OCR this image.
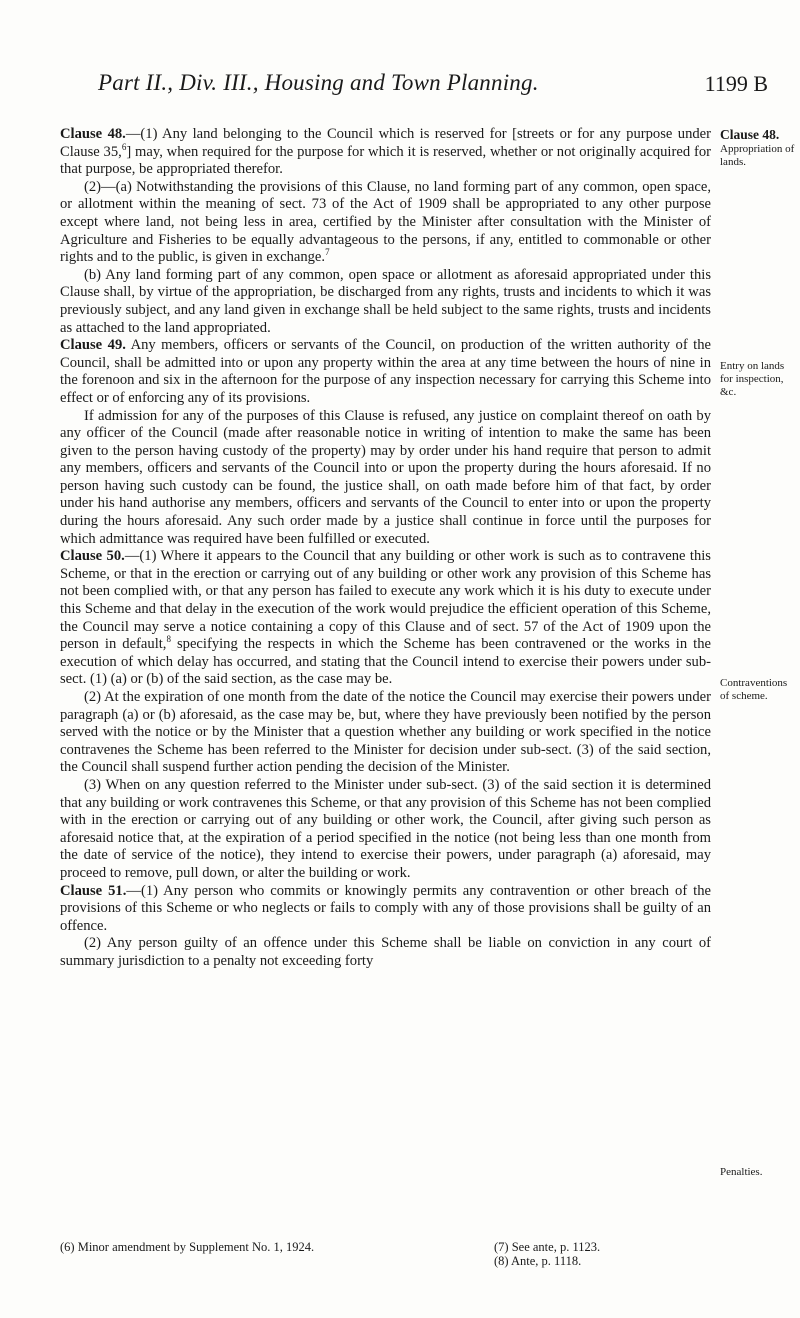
Part II., Div. III., Housing and Town Planning.	1199 B

Clause 48.—(1) Any land belonging to the Council which is reserved for [streets or for any purpose under Clause 35,$^6$] may, when required for the purpose for which it is reserved, whether or not originally acquired for that purpose, be appropriated therefor.

(2)—(a) Notwithstanding the provisions of this Clause, no land forming part of any common, open space, or allotment within the meaning of sect. 73 of the Act of 1909 shall be appropriated to any other purpose except where land, not being less in area, certified by the Minister after consultation with the Minister of Agriculture and Fisheries to be equally advantageous to the persons, if any, entitled to commonable or other rights and to the public, is given in exchange.$^7$

(b) Any land forming part of any common, open space or allotment as aforesaid appropriated under this Clause shall, by virtue of the appropriation, be discharged from any rights, trusts and incidents to which it was previously subject, and any land given in exchange shall be held subject to the same rights, trusts and incidents as attached to the land appropriated.

Clause 49. Any members, officers or servants of the Council, on production of the written authority of the Council, shall be admitted into or upon any property within the area at any time between the hours of nine in the forenoon and six in the afternoon for the purpose of any inspection necessary for carrying this Scheme into effect or of enforcing any of its provisions.

If admission for any of the purposes of this Clause is refused, any justice on complaint thereof on oath by any officer of the Council (made after reasonable notice in writing of intention to make the same has been given to the person having custody of the property) may by order under his hand require that person to admit any members, officers and servants of the Council into or upon the property during the hours aforesaid. If no person having such custody can be found, the justice shall, on oath made before him of that fact, by order under his hand authorise any members, officers and servants of the Council to enter into or upon the property during the hours aforesaid. Any such order made by a justice shall continue in force until the purposes for which admittance was required have been fulfilled or executed.

Clause 50.—(1) Where it appears to the Council that any building or other work is such as to contravene this Scheme, or that in the erection or carrying out of any building or other work any provision of this Scheme has not been complied with, or that any person has failed to execute any work which it is his duty to execute under this Scheme and that delay in the execution of the work would prejudice the efficient operation of this Scheme, the Council may serve a notice containing a copy of this Clause and of sect. 57 of the Act of 1909 upon the person in default,$^8$ specifying the respects in which the Scheme has been contravened or the works in the execution of which delay has occurred, and stating that the Council intend to exercise their powers under sub-sect. (1) (a) or (b) of the said section, as the case may be.

(2) At the expiration of one month from the date of the notice the Council may exercise their powers under paragraph (a) or (b) aforesaid, as the case may be, but, where they have previously been notified by the person served with the notice or by the Minister that a question whether any building or work specified in the notice contravenes the Scheme has been referred to the Minister for decision under sub-sect. (3) of the said section, the Council shall suspend further action pending the decision of the Minister.

(3) When on any question referred to the Minister under sub-sect. (3) of the said section it is determined that any building or work contravenes this Scheme, or that any provision of this Scheme has not been complied with in the erection or carrying out of any building or other work, the Council, after giving such person as aforesaid notice that, at the expiration of a period specified in the notice (not being less than one month from the date of service of the notice), they intend to exercise their powers, under paragraph (a) aforesaid, may proceed to remove, pull down, or alter the building or work.

Clause 51.—(1) Any person who commits or knowingly permits any contravention or other breach of the provisions of this Scheme or who neglects or fails to comply with any of those provisions shall be guilty of an offence.

(2) Any person guilty of an offence under this Scheme shall be liable on conviction in any court of summary jurisdiction to a penalty not exceeding forty

Clause 48.
Appropriation of lands.
Entry on lands for inspection, &c.
Contraventions of scheme.
Penalties.
(6) Minor amendment by Supplement No. 1, 1924.	(7) See ante, p. 1123.
(8) Ante, p. 1118.
